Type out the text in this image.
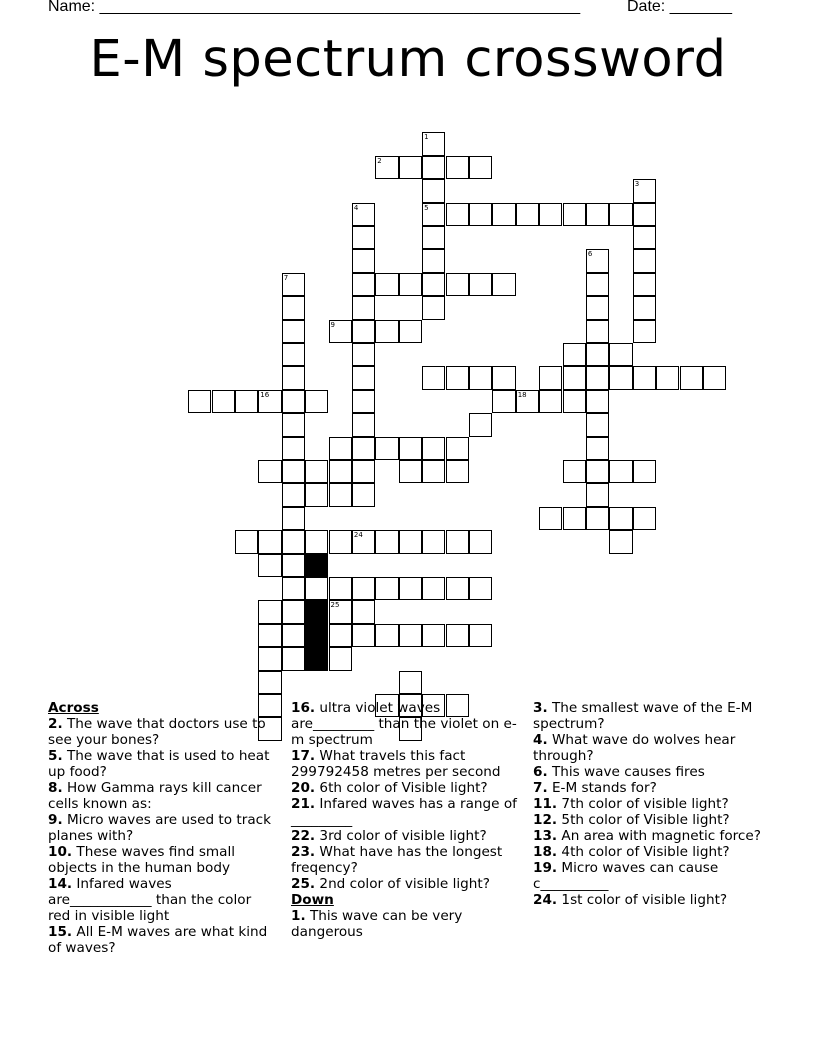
Name: ______________________________________________________	Date: _______
E-M spectrum crossword
2
1
5
4
3
6
7
9
16	18
24
25
Across
2. The wave that doctors use to see your bones?
5. The wave that is used to heat up food?
8. How Gamma rays kill cancer cells known as:
9. Micro waves are used to track planes with?
10. These waves find small objects in the human body
14. Infared waves are____________ than the color red in visible light
15. All E-M waves are what kind of waves?
16. ultra violet waves are_________ than the violet on e-m spectrum
17. What travels this fact 299792458 metres per second
20. 6th color of Visible light?
21. Infared waves has a range of _________
22. 3rd color of visible light?
23. What have has the longest freqency?
25. 2nd color of visible light?
Down
1. This wave can be very dangerous
3. The smallest wave of the E-M spectrum?
4. What wave do wolves hear through?
6. This wave causes fires
7. E-M stands for?
11. 7th color of visible light?
12. 5th color of Visible light?
13. An area with magnetic force?
18. 4th color of Visible light?
19. Micro waves can cause c__________
24. 1st color of visible light?
